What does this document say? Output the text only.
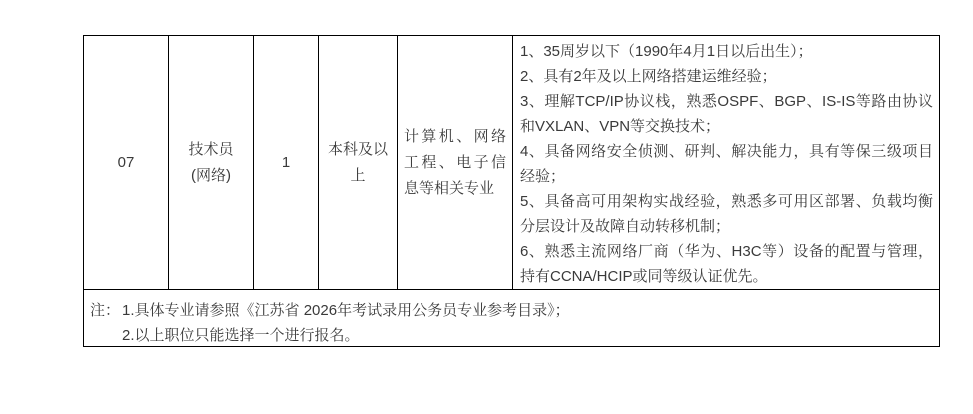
07
技术员
(网络)
1
本科及以上
计算机、网络工程、电子信息等相关专业

1、35周岁以下（1990年4月1日以后出生）；

2、具有2年及以上网络搭建运维经验；

3、理解TCP/IP协议栈，熟悉OSPF、BGP、IS-IS等路由协议和VXLAN、VPN等交换技术；

4、具备网络安全侦测、研判、解决能力，具有等保三级项目经验；

5、具备高可用架构实战经验，熟悉多可用区部署、负载均衡分层设计及故障自动转移机制；

6、熟悉主流网络厂商（华为、H3C等）设备的配置与管理，持有CCNA/HCIP或同等级认证优先。

注： 1.具体专业请参照《江苏省 2026年考试录用公务员专业参考目录》；
2.以上职位只能选择一个进行报名。
